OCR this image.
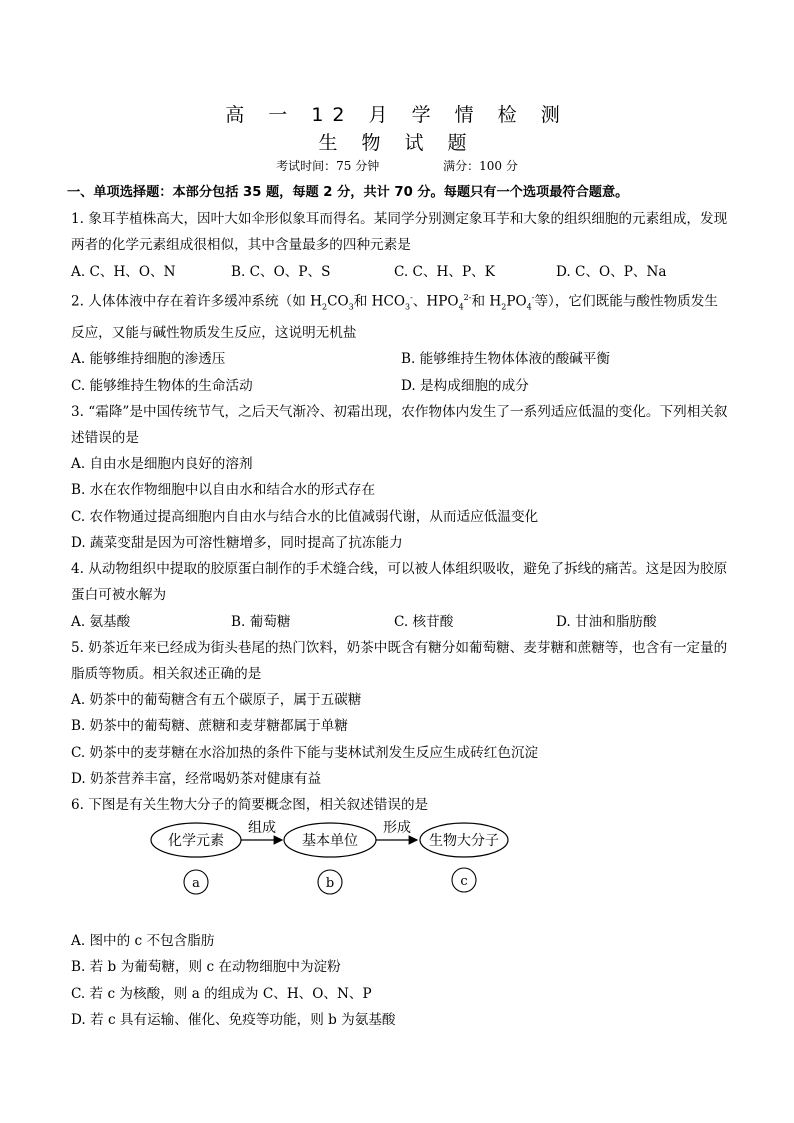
高 一 12 月 学 情 检 测
生 物 试 题
考试时间：75 分钟	满分：100 分
一、单项选择题：本部分包括 35 题，每题 2 分，共计 70 分。每题只有一个选项最符合题意。
1. 象耳芋植株高大，因叶大如伞形似象耳而得名。某同学分别测定象耳芋和大象的组织细胞的元素组成，发现两者的化学元素组成很相似，其中含量最多的四种元素是
A. C、H、O、N	B. C、O、P、S	C. C、H、P、K	D. C、O、P、Na
2. 人体体液中存在着许多缓冲系统（如 $H_2CO_3$和 $HCO_3^-$、$HPO_4^{2-}$和 $H_2PO_4^-$等），它们既能与酸性物质发生反应，又能与碱性物质发生反应，这说明无机盐
A. 能够维持细胞的渗透压	B. 能够维持生物体体液的酸碱平衡
C. 能够维持生物体的生命活动	D. 是构成细胞的成分
3. “霜降”是中国传统节气，之后天气渐冷、初霜出现，农作物体内发生了一系列适应低温的变化。下列相关叙述错误的是
A. 自由水是细胞内良好的溶剂
B. 水在农作物细胞中以自由水和结合水的形式存在
C. 农作物通过提高细胞内自由水与结合水的比值减弱代谢，从而适应低温变化
D. 蔬菜变甜是因为可溶性糖增多，同时提高了抗冻能力
4. 从动物组织中提取的胶原蛋白制作的手术缝合线，可以被人体组织吸收，避免了拆线的痛苦。这是因为胶原蛋白可被水解为
A. 氨基酸	B. 葡萄糖	C. 核苷酸	D. 甘油和脂肪酸
5. 奶茶近年来已经成为街头巷尾的热门饮料，奶茶中既含有糖分如葡萄糖、麦芽糖和蔗糖等，也含有一定量的脂质等物质。相关叙述正确的是
A. 奶茶中的葡萄糖含有五个碳原子，属于五碳糖
B. 奶茶中的葡萄糖、蔗糖和麦芽糖都属于单糖
C. 奶茶中的麦芽糖在水浴加热的条件下能与斐林试剂发生反应生成砖红色沉淀
D. 奶茶营养丰富，经常喝奶茶对健康有益
6. 下图是有关生物大分子的简要概念图，相关叙述错误的是
化学元素
组成
基本单位
形成
生物大分子
a	b	c
A. 图中的 c 不包含脂肪
B. 若 b 为葡萄糖，则 c 在动物细胞中为淀粉
C. 若 c 为核酸，则 a 的组成为 C、H、O、N、P
D. 若 c 具有运输、催化、免疫等功能，则 b 为氨基酸
